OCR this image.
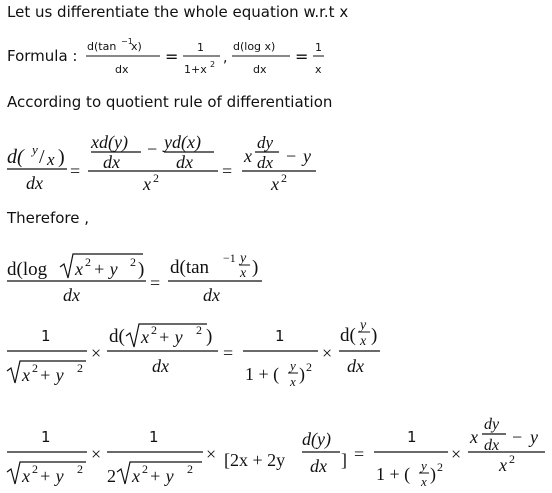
Let us differentiate the whole equation w.r.t x
Formula :
According to quotient rule of differentiation
Therefore ,
d(tan −1
x)
dx
= 1
1+x 2 ,
d(log x)
dx
= 1
x
d( y / x )
dx
=
xd(y)
dx
− yd(x)
dx
x 2	=
x
dy
dx − y
x 2
d(log x 2 + y 2 )
dx
=
d(tan −1 y
x )
dx
1
x 2 + y 2
×
d( x 2 + y 2 )
dx
=
1
1 + ( y
x ) 2
×
d( y
x )
dx
1
x 2 + y 2
×
1
2 x 2 + y 2
× [2x + 2y
d(y)
dx ] =
1
1 + ( y
x ) 2
×
x
dy
dx − y
x 2
